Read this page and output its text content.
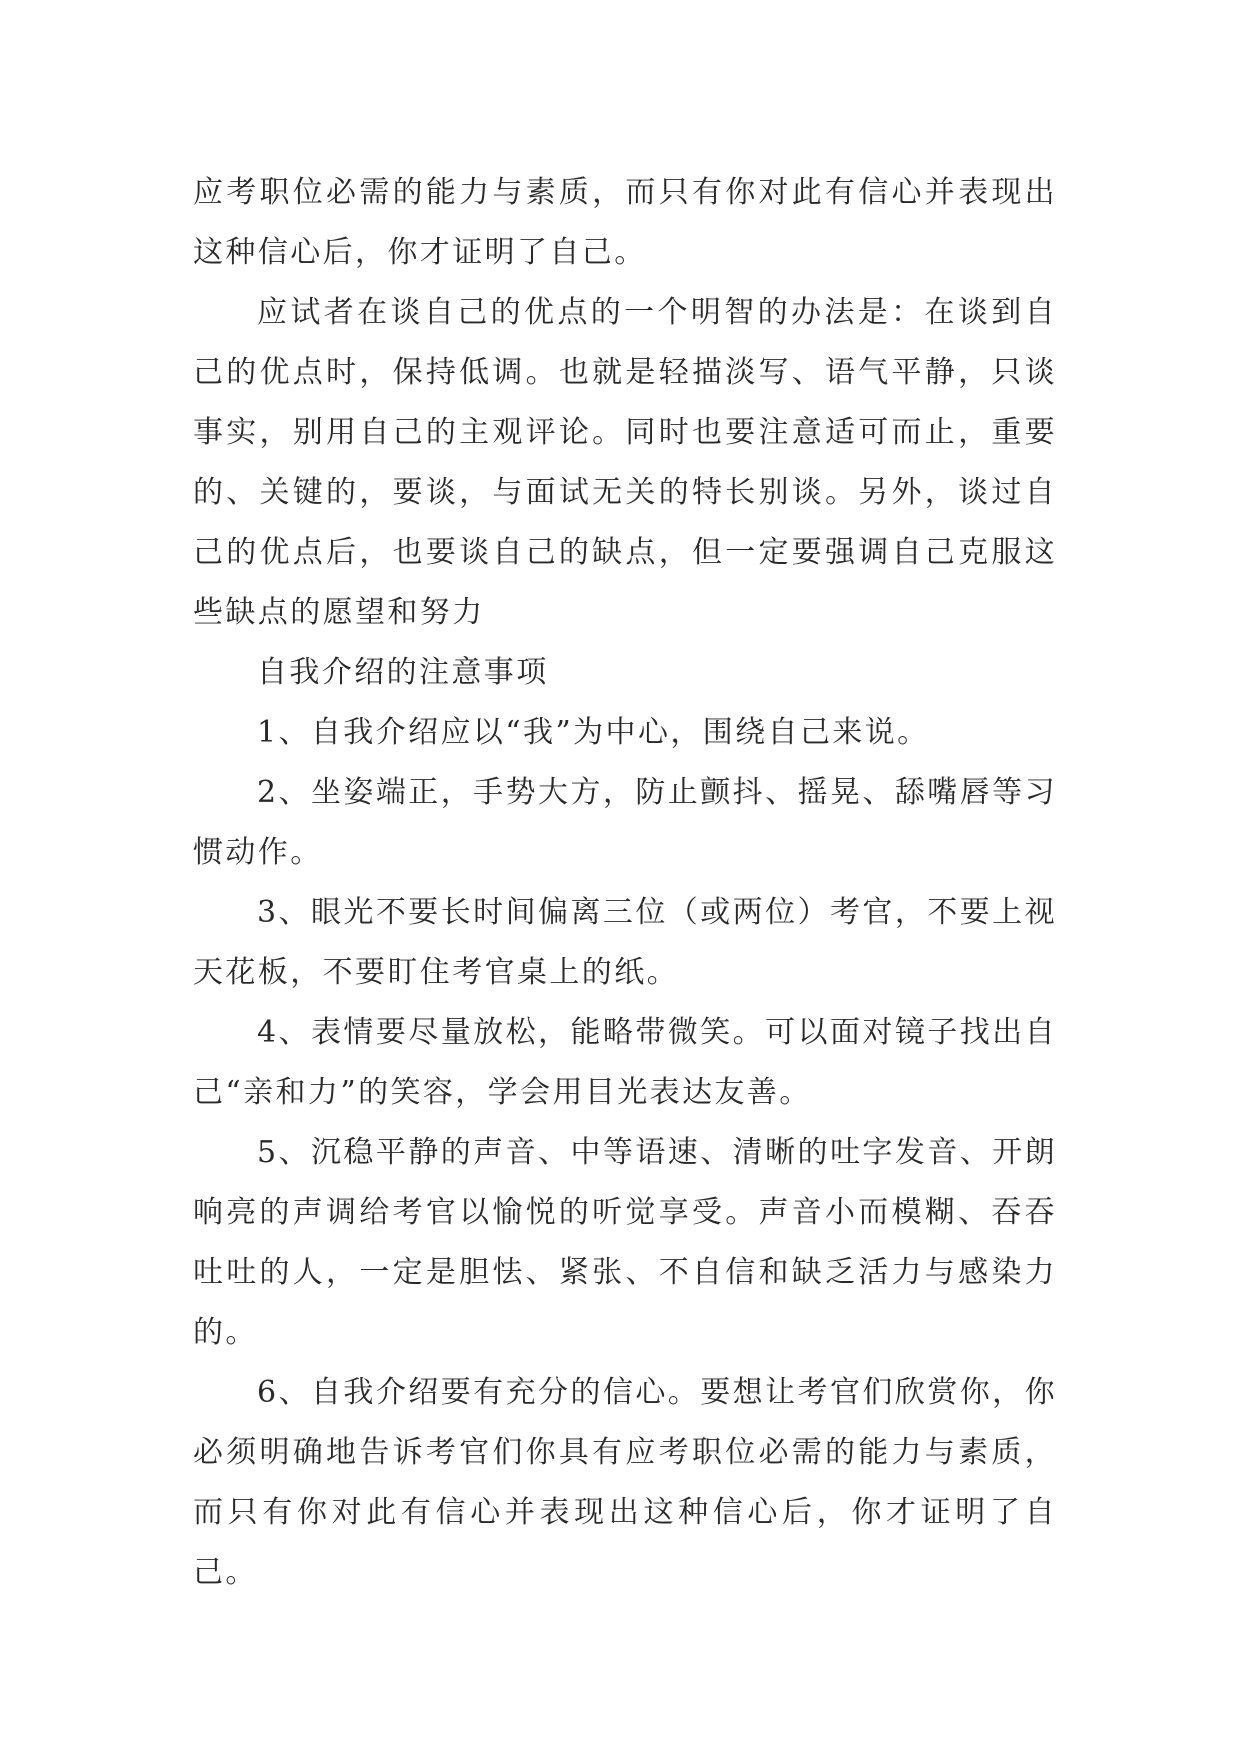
应考职位必需的能力与素质，而只有你对此有信心并表现出这种信心后，你才证明了自己。

应试者在谈自己的优点的一个明智的办法是：在谈到自己的优点时，保持低调。也就是轻描淡写、语气平静，只谈事实，别用自己的主观评论。同时也要注意适可而止，重要的、关键的，要谈，与面试无关的特长别谈。另外，谈过自己的优点后，也要谈自己的缺点，但一定要强调自己克服这些缺点的愿望和努力

自我介绍的注意事项

1、自我介绍应以“我”为中心，围绕自己来说。

2、坐姿端正，手势大方，防止颤抖、摇晃、舔嘴唇等习惯动作。

3、眼光不要长时间偏离三位（或两位）考官，不要上视天花板，不要盯住考官桌上的纸。

4、表情要尽量放松，能略带微笑。可以面对镜子找出自己“亲和力”的笑容，学会用目光表达友善。

5、沉稳平静的声音、中等语速、清晰的吐字发音、开朗响亮的声调给考官以愉悦的听觉享受。声音小而模糊、吞吞吐吐的人，一定是胆怯、紧张、不自信和缺乏活力与感染力的。

6、自我介绍要有充分的信心。要想让考官们欣赏你，你必须明确地告诉考官们你具有应考职位必需的能力与素质，而只有你对此有信心并表现出这种信心后，你才证明了自己。
